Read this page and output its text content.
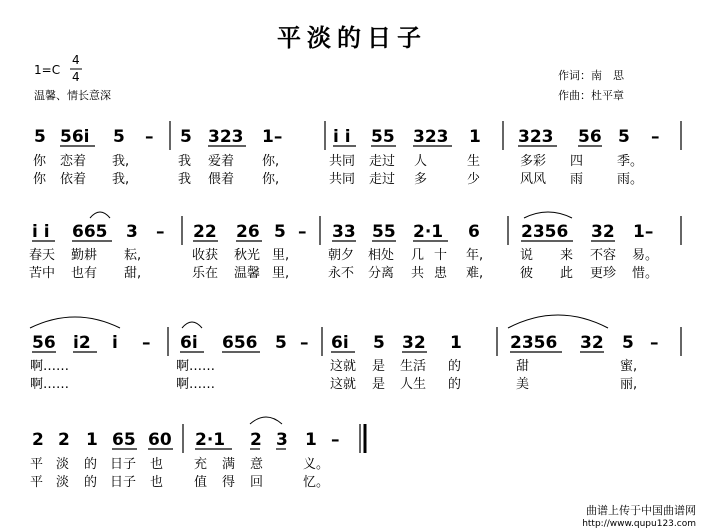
平淡的日子
1=C
4
4
温馨、情长意深
作词：南　思
作曲：杜平章
5 56i 5 – 5 323 1–	i i 55 323 1 323 56 5 –
你 恋着 我,	我 爱着 你,	共同 走过 人	生	多彩 四	季。
你 依着 我,	我 偎着 你,	共同 走过 多	少	风风 雨	雨。
i i 665 3 – 22 26 5 – 33 55 2·1 6 2356 32 1–
春天 勤耕 耘,	收获 秋光 里,	朝夕 相处 几 十 年,	说 来 不容 易。
苦中 也有 甜,	乐在 温馨 里,	永不 分离 共 患 难,	彼 此 更珍 惜。
56 i2 i – 6i 656 5 – 6i 5 32 1	2356 32 5 –
啊……	啊……	这就 是 生活 的	甜	蜜,
啊……	啊……	这就 是 人生 的	美	丽,
2 2 1 65 60 2·1 2 3 1 –
平 淡 的 日子 也 充 满 意	义。
平 淡 的 日子 也 值 得 回	忆。
曲谱上传于中国曲谱网
http://www.qupu123.com
